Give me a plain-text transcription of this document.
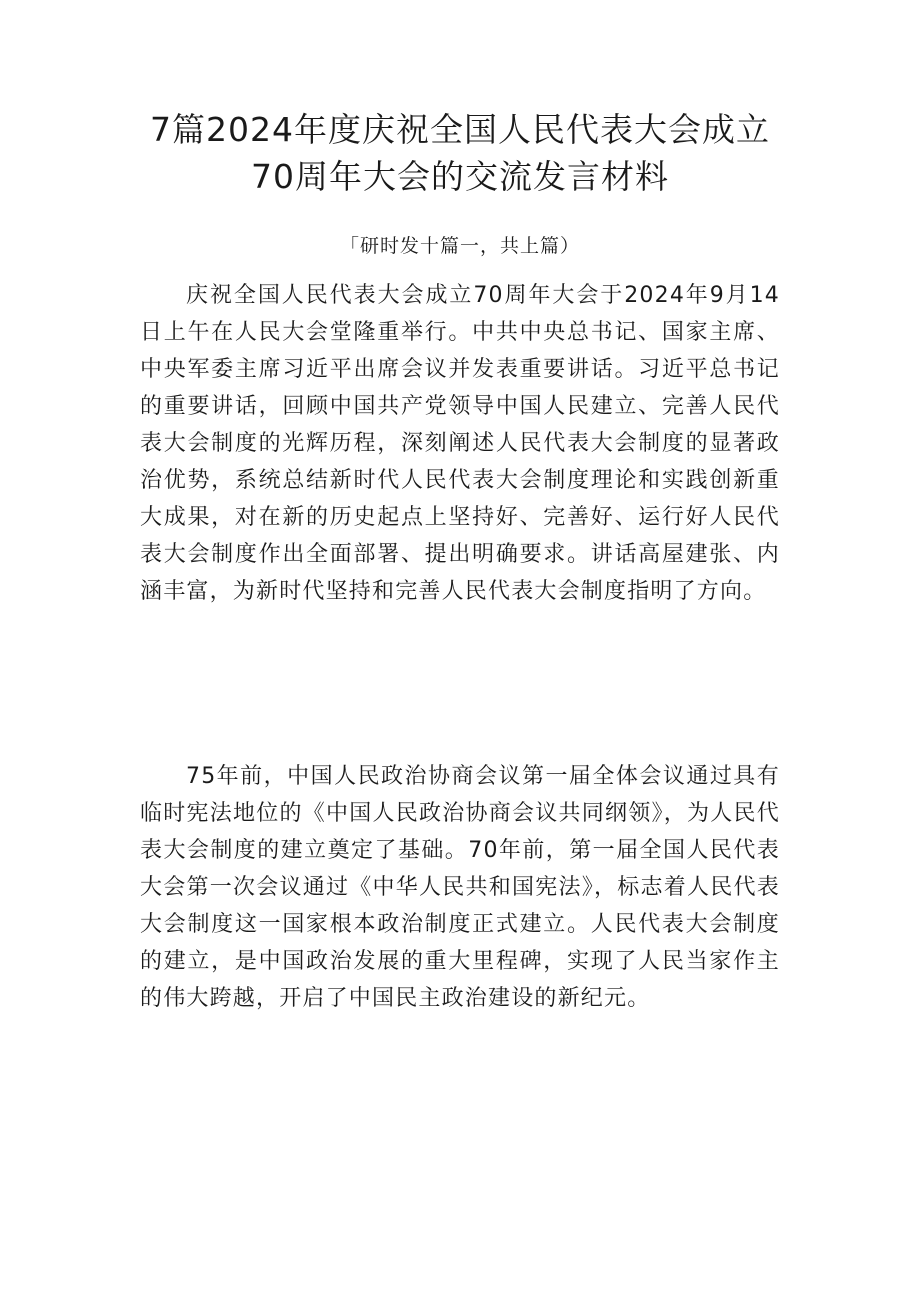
7篇2024年度庆祝全国人民代表大会成立
70周年大会的交流发言材料
「研时发十篇一，共上篇）

庆祝全国人民代表大会成立70周年大会于2024年9月14日上午在人民大会堂隆重举行。中共中央总书记、国家主席、中央军委主席习近平出席会议并发表重要讲话。习近平总书记的重要讲话，回顾中国共产党领导中国人民建立、完善人民代表大会制度的光辉历程，深刻阐述人民代表大会制度的显著政治优势，系统总结新时代人民代表大会制度理论和实践创新重大成果，对在新的历史起点上坚持好、完善好、运行好人民代表大会制度作出全面部署、提出明确要求。讲话高屋建张、内涵丰富，为新时代坚持和完善人民代表大会制度指明了方向。

75年前，中国人民政治协商会议第一届全体会议通过具有临时宪法地位的《中国人民政治协商会议共同纲领》，为人民代表大会制度的建立奠定了基础。70年前，第一届全国人民代表大会第一次会议通过《中华人民共和国宪法》，标志着人民代表大会制度这一国家根本政治制度正式建立。人民代表大会制度的建立，是中国政治发展的重大里程碑，实现了人民当家作主的伟大跨越，开启了中国民主政治建设的新纪元。
